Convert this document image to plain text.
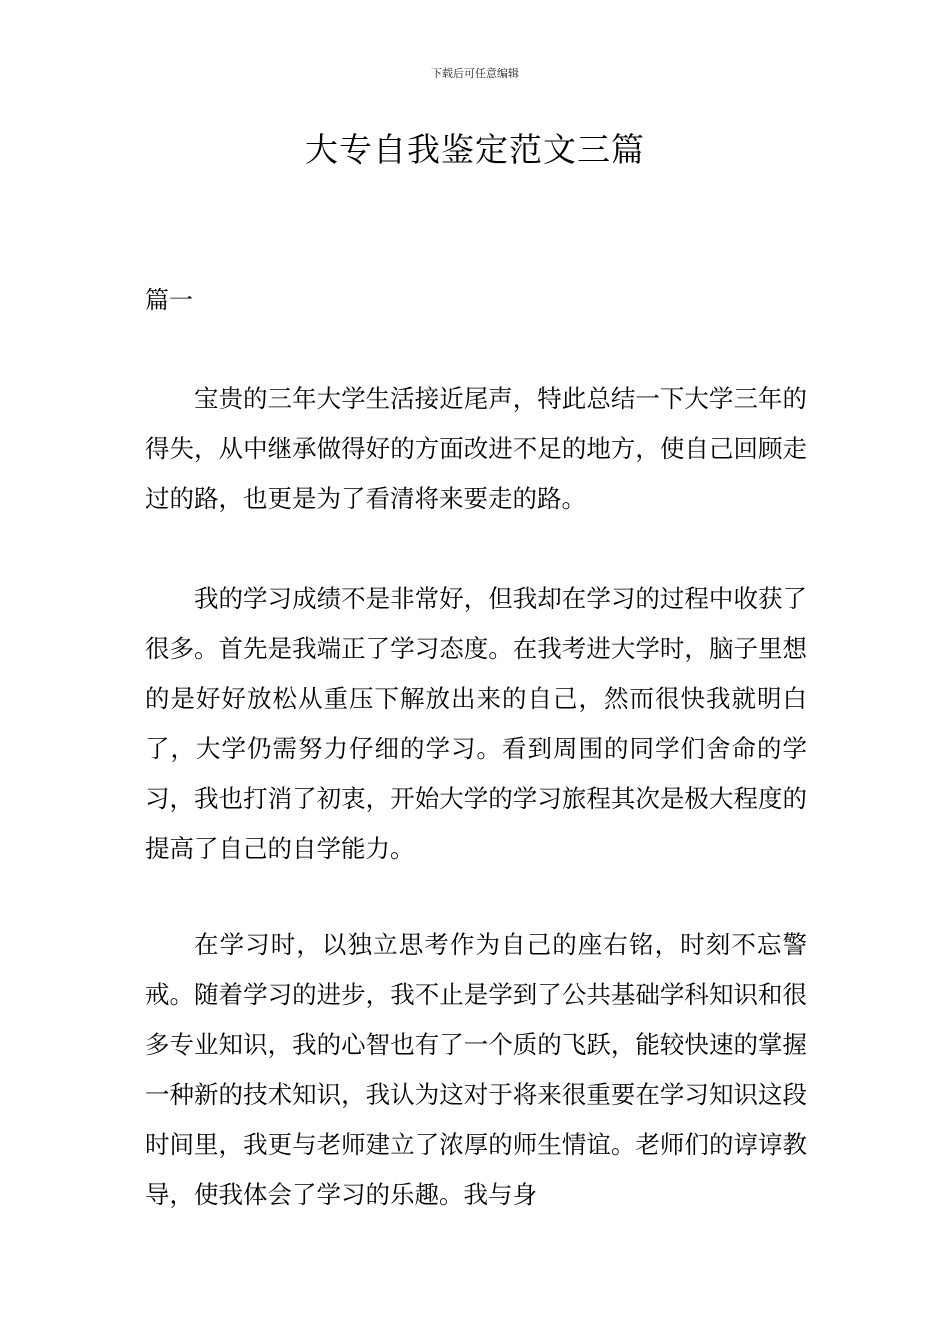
下载后可任意编辑
大专自我鉴定范文三篇
篇一

宝贵的三年大学生活接近尾声，特此总结一下大学三年的得失，从中继承做得好的方面改进不足的地方，使自己回顾走过的路，也更是为了看清将来要走的路。

我的学习成绩不是非常好，但我却在学习的过程中收获了很多。首先是我端正了学习态度。在我考进大学时，脑子里想的是好好放松从重压下解放出来的自己，然而很快我就明白了，大学仍需努力仔细的学习。看到周围的同学们舍命的学习，我也打消了初衷，开始大学的学习旅程其次是极大程度的提高了自己的自学能力。

在学习时，以独立思考作为自己的座右铭，时刻不忘警戒。随着学习的进步，我不止是学到了公共基础学科知识和很多专业知识，我的心智也有了一个质的飞跃，能较快速的掌握一种新的技术知识，我认为这对于将来很重要在学习知识这段时间里，我更与老师建立了浓厚的师生情谊。老师们的谆谆教导，使我体会了学习的乐趣。我与身
